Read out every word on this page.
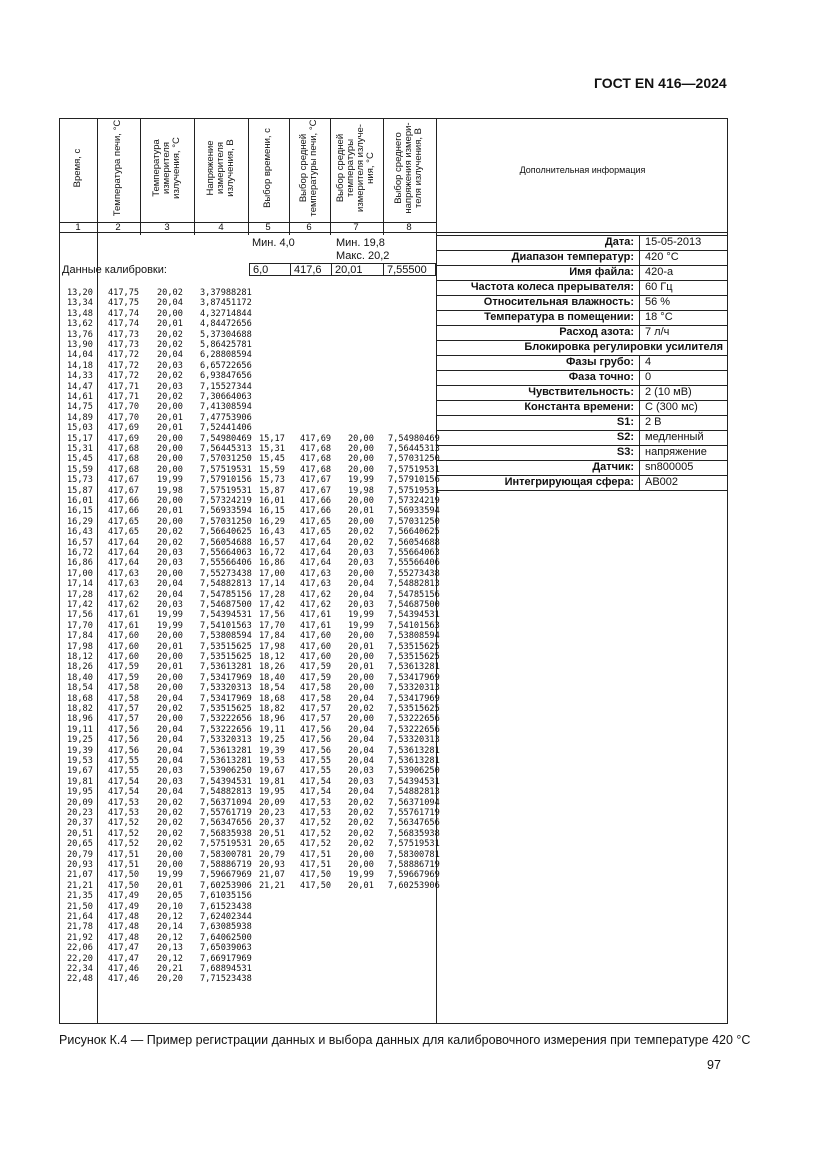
ГОСТ EN 416—2024
Время, с
1
Температура печи, °С
2
Температура измерителя излучения, °С
3
Напряжение измерителя излучения, В
4
Выбор времени, с
5
Выбор средней температуры печи, °С
6
Выбор средней температуры измерителя излуче-ния, °С
7
Выбор среднего напряжения измери-теля излучения, В
8
Дополнительная информация
Мин. 4,0	Мин. 19,8
Макс. 20,2
Данные калибровки:	6,0	417,6	20,01	7,55500
13,20 417,75 20,02 3,37988281
13,34 417,75 20,04 3,87451172
13,48 417,74 20,00 4,32714844
13,62 417,74 20,01 4,84472656
13,76 417,73 20,02 5,37304688
13,90 417,73 20,02 5,86425781
14,04 417,72 20,04 6,28808594
14,18 417,72 20,03 6,65722656
14,33 417,72 20,02 6,93847656
14,47 417,71 20,03 7,15527344
14,61 417,71 20,02 7,30664063
14,75 417,70 20,00 7,41308594
14,89 417,70 20,01 7,47753906
15,03 417,69 20,01 7,52441406
15,17 417,69 20,00 7,54980469 15,17 417,69 20,00 7,54980469
15,31 417,68 20,00 7,56445313 15,31 417,68 20,00 7,56445313
15,45 417,68 20,00 7,57031250 15,45 417,68 20,00 7,57031250
15,59 417,68 20,00 7,57519531 15,59 417,68 20,00 7,57519531
15,73 417,67 19,99 7,57910156 15,73 417,67 19,99 7,57910156
15,87 417,67 19,98 7,57519531 15,87 417,67 19,98 7,57519531
16,01 417,66 20,00 7,57324219 16,01 417,66 20,00 7,57324219
16,15 417,66 20,01 7,56933594 16,15 417,66 20,01 7,56933594
16,29 417,65 20,00 7,57031250 16,29 417,65 20,00 7,57031250
16,43 417,65 20,02 7,56640625 16,43 417,65 20,02 7,56640625
16,57 417,64 20,02 7,56054688 16,57 417,64 20,02 7,56054688
16,72 417,64 20,03 7,55664063 16,72 417,64 20,03 7,55664063
16,86 417,64 20,03 7,55566406 16,86 417,64 20,03 7,55566406
17,00 417,63 20,00 7,55273438 17,00 417,63 20,00 7,55273438
17,14 417,63 20,04 7,54882813 17,14 417,63 20,04 7,54882813
17,28 417,62 20,04 7,54785156 17,28 417,62 20,04 7,54785156
17,42 417,62 20,03 7,54687500 17,42 417,62 20,03 7,54687500
17,56 417,61 19,99 7,54394531 17,56 417,61 19,99 7,54394531
17,70 417,61 19,99 7,54101563 17,70 417,61 19,99 7,54101563
17,84 417,60 20,00 7,53808594 17,84 417,60 20,00 7,53808594
17,98 417,60 20,01 7,53515625 17,98 417,60 20,01 7,53515625
18,12 417,60 20,00 7,53515625 18,12 417,60 20,00 7,53515625
18,26 417,59 20,01 7,53613281 18,26 417,59 20,01 7,53613281
18,40 417,59 20,00 7,53417969 18,40 417,59 20,00 7,53417969
18,54 417,58 20,00 7,53320313 18,54 417,58 20,00 7,53320313
18,68 417,58 20,04 7,53417969 18,68 417,58 20,04 7,53417969
18,82 417,57 20,02 7,53515625 18,82 417,57 20,02 7,53515625
18,96 417,57 20,00 7,53222656 18,96 417,57 20,00 7,53222656
19,11 417,56 20,04 7,53222656 19,11 417,56 20,04 7,53222656
19,25 417,56 20,04 7,53320313 19,25 417,56 20,04 7,53320313
19,39 417,56 20,04 7,53613281 19,39 417,56 20,04 7,53613281
19,53 417,55 20,04 7,53613281 19,53 417,55 20,04 7,53613281
19,67 417,55 20,03 7,53906250 19,67 417,55 20,03 7,53906250
19,81 417,54 20,03 7,54394531 19,81 417,54 20,03 7,54394531
19,95 417,54 20,04 7,54882813 19,95 417,54 20,04 7,54882813
20,09 417,53 20,02 7,56371094 20,09 417,53 20,02 7,56371094
20,23 417,53 20,02 7,55761719 20,23 417,53 20,02 7,55761719
20,37 417,52 20,02 7,56347656 20,37 417,52 20,02 7,56347656
20,51 417,52 20,02 7,56835938 20,51 417,52 20,02 7,56835938
20,65 417,52 20,02 7,57519531 20,65 417,52 20,02 7,57519531
20,79 417,51 20,00 7,58300781 20,79 417,51 20,00 7,58300781
20,93 417,51 20,00 7,58886719 20,93 417,51 20,00 7,58886719
21,07 417,50 19,99 7,59667969 21,07 417,50 19,99 7,59667969
21,21 417,50 20,01 7,60253906 21,21 417,50 20,01 7,60253906
21,35 417,49 20,05 7,61035156
21,50 417,49 20,10 7,61523438
21,64 417,48 20,12 7,62402344
21,78 417,48 20,14 7,63085938
21,92 417,48 20,12 7,64062500
22,06 417,47 20,13 7,65039063
22,20 417,47 20,12 7,66917969
22,34 417,46 20,21 7,68894531
22,48 417,46 20,20 7,71523438
Дата:	15-05-2013
Диапазон температур:	420 °С
Имя файла:	420-а
Частота колеса прерывателя:	60 Гц
Относительная влажность:	56 %
Температура в помещении:	18 °С
Расход азота:	7 л/ч
Блокировка регулировки усилителя
Фазы грубо:	4
Фаза точно:	0
Чувствительность:	2 (10 мВ)
Константа времени:	С (300 мс)
S1:	2 В
S2:	медленный
S3:	напряжение
Датчик:	sn800005
Интегрирующая сфера:	AB002
Рисунок К.4 — Пример регистрации данных и выбора данных для калибровочного измерения при температуре 420 °С
97
